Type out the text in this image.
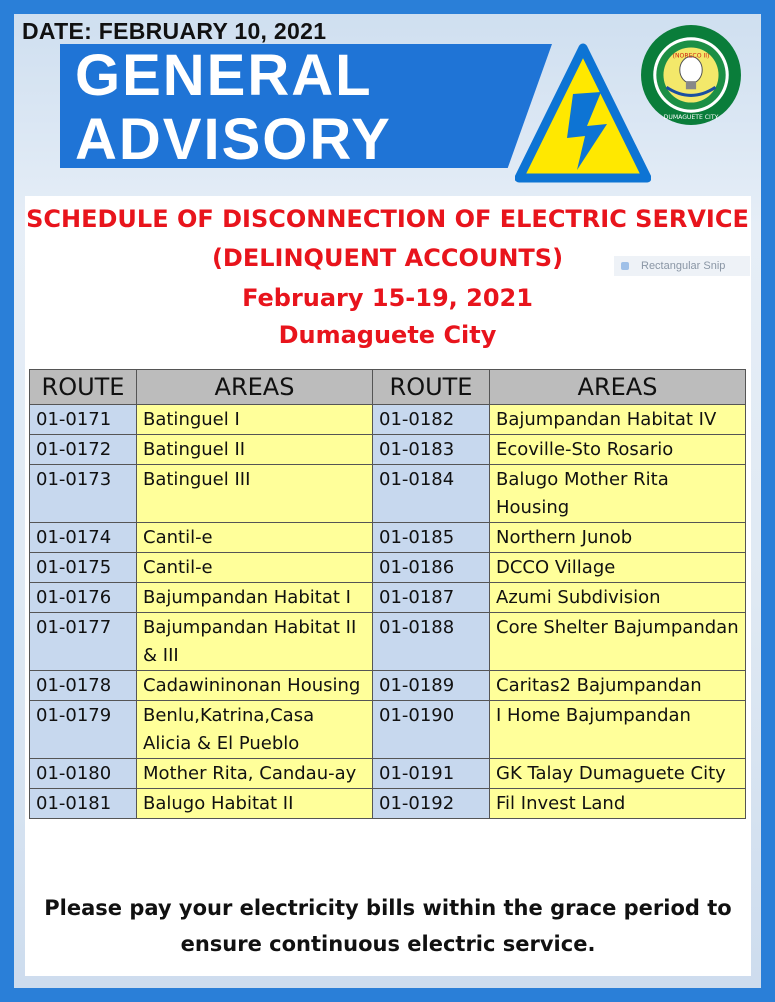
DATE: FEBRUARY 10, 2021
GENERAL
ADVISORY
(NORECO II)
DUMAGUETE CITY
SCHEDULE OF DISCONNECTION OF ELECTRIC SERVICE
(DELINQUENT ACCOUNTS)
February 15-19, 2021
Dumaguete City
Rectangular Snip
ROUTE	AREAS	ROUTE	AREAS
01-0171	Batinguel I	01-0182	Bajumpandan Habitat IV
01-0172	Batinguel II	01-0183	Ecoville-Sto Rosario
01-0173	Batinguel III	01-0184	Balugo Mother Rita Housing
01-0174	Cantil-e	01-0185	Northern Junob
01-0175	Cantil-e	01-0186	DCCO Village
01-0176	Bajumpandan Habitat I	01-0187	Azumi Subdivision
01-0177	Bajumpandan Habitat II & III	01-0188	Core Shelter Bajumpandan
01-0178	Cadawininonan Housing	01-0189	Caritas2 Bajumpandan
01-0179	Benlu,Katrina,Casa Alicia & El Pueblo	01-0190	I Home Bajumpandan
01-0180	Mother Rita, Candau-ay	01-0191	GK Talay Dumaguete City
01-0181	Balugo Habitat II	01-0192	Fil Invest Land
Please pay your electricity bills within the grace period to
ensure continuous electric service.
